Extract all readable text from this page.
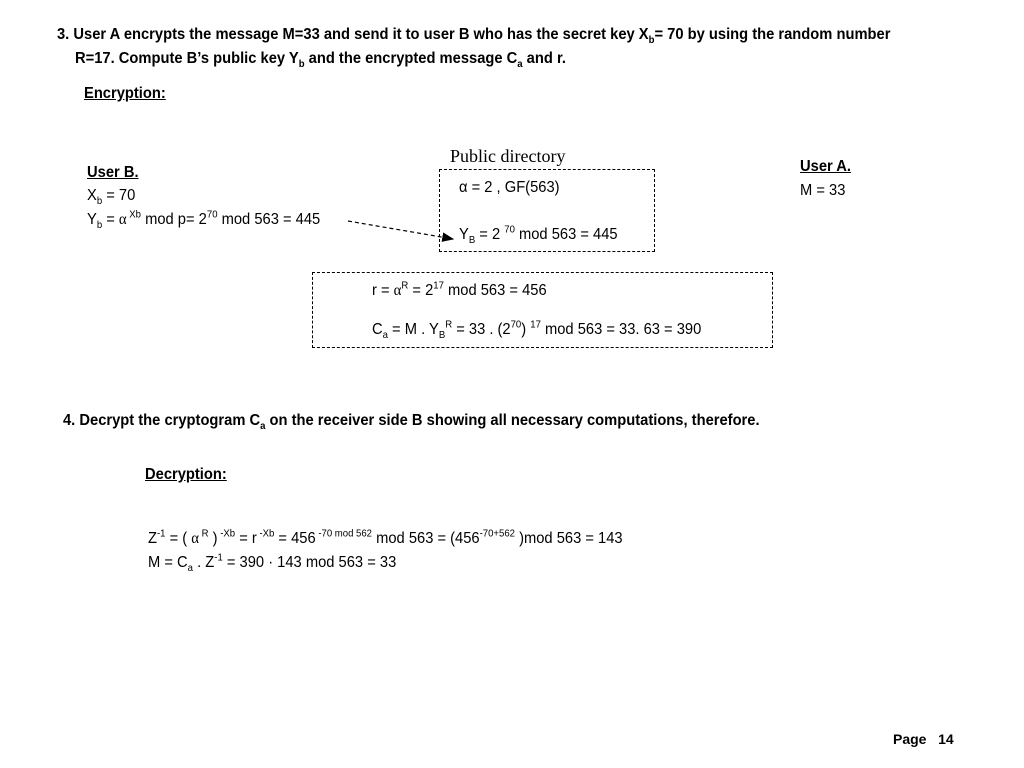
3. User A encrypts the message M=33 and send it to user B who has the secret key $X_b= 70$ by using the random number
R=17. Compute B’s public key $Y_b$ and the encrypted message $C_a$ and r.
Encryption:
User B.
$X_b = 70$
$Y_b = \alpha$ $^{Xb}$ mod $p= 2^{70}$ mod 563 = 445
Public directory
α = 2 , GF(563)
$Y_B = 2$ $^{70}$ mod 563 = 445
User A.
M = 33
$r = \alpha^R = 2^{17}$ mod 563 = 456
$C_a = M$ . $Y_B^R = 33$ . $(2^{70})$ $^{17}$ mod 563 = 33. 63 = 390
4. Decrypt the cryptogram $C_a$ on the receiver side B showing all necessary computations, therefore.
Decryption:
$Z^{-1}$ = ( α $^R$ ) $^{-Xb}$ = r $^{-Xb}$ = 456 $^{-70 mod 562}$ mod $563 = (456^{-70+562}$ )mod 563 = 143
$M = C_a$ . $Z^{-1} = 390 \cdot 143$ mod 563 = 33
Page 14
